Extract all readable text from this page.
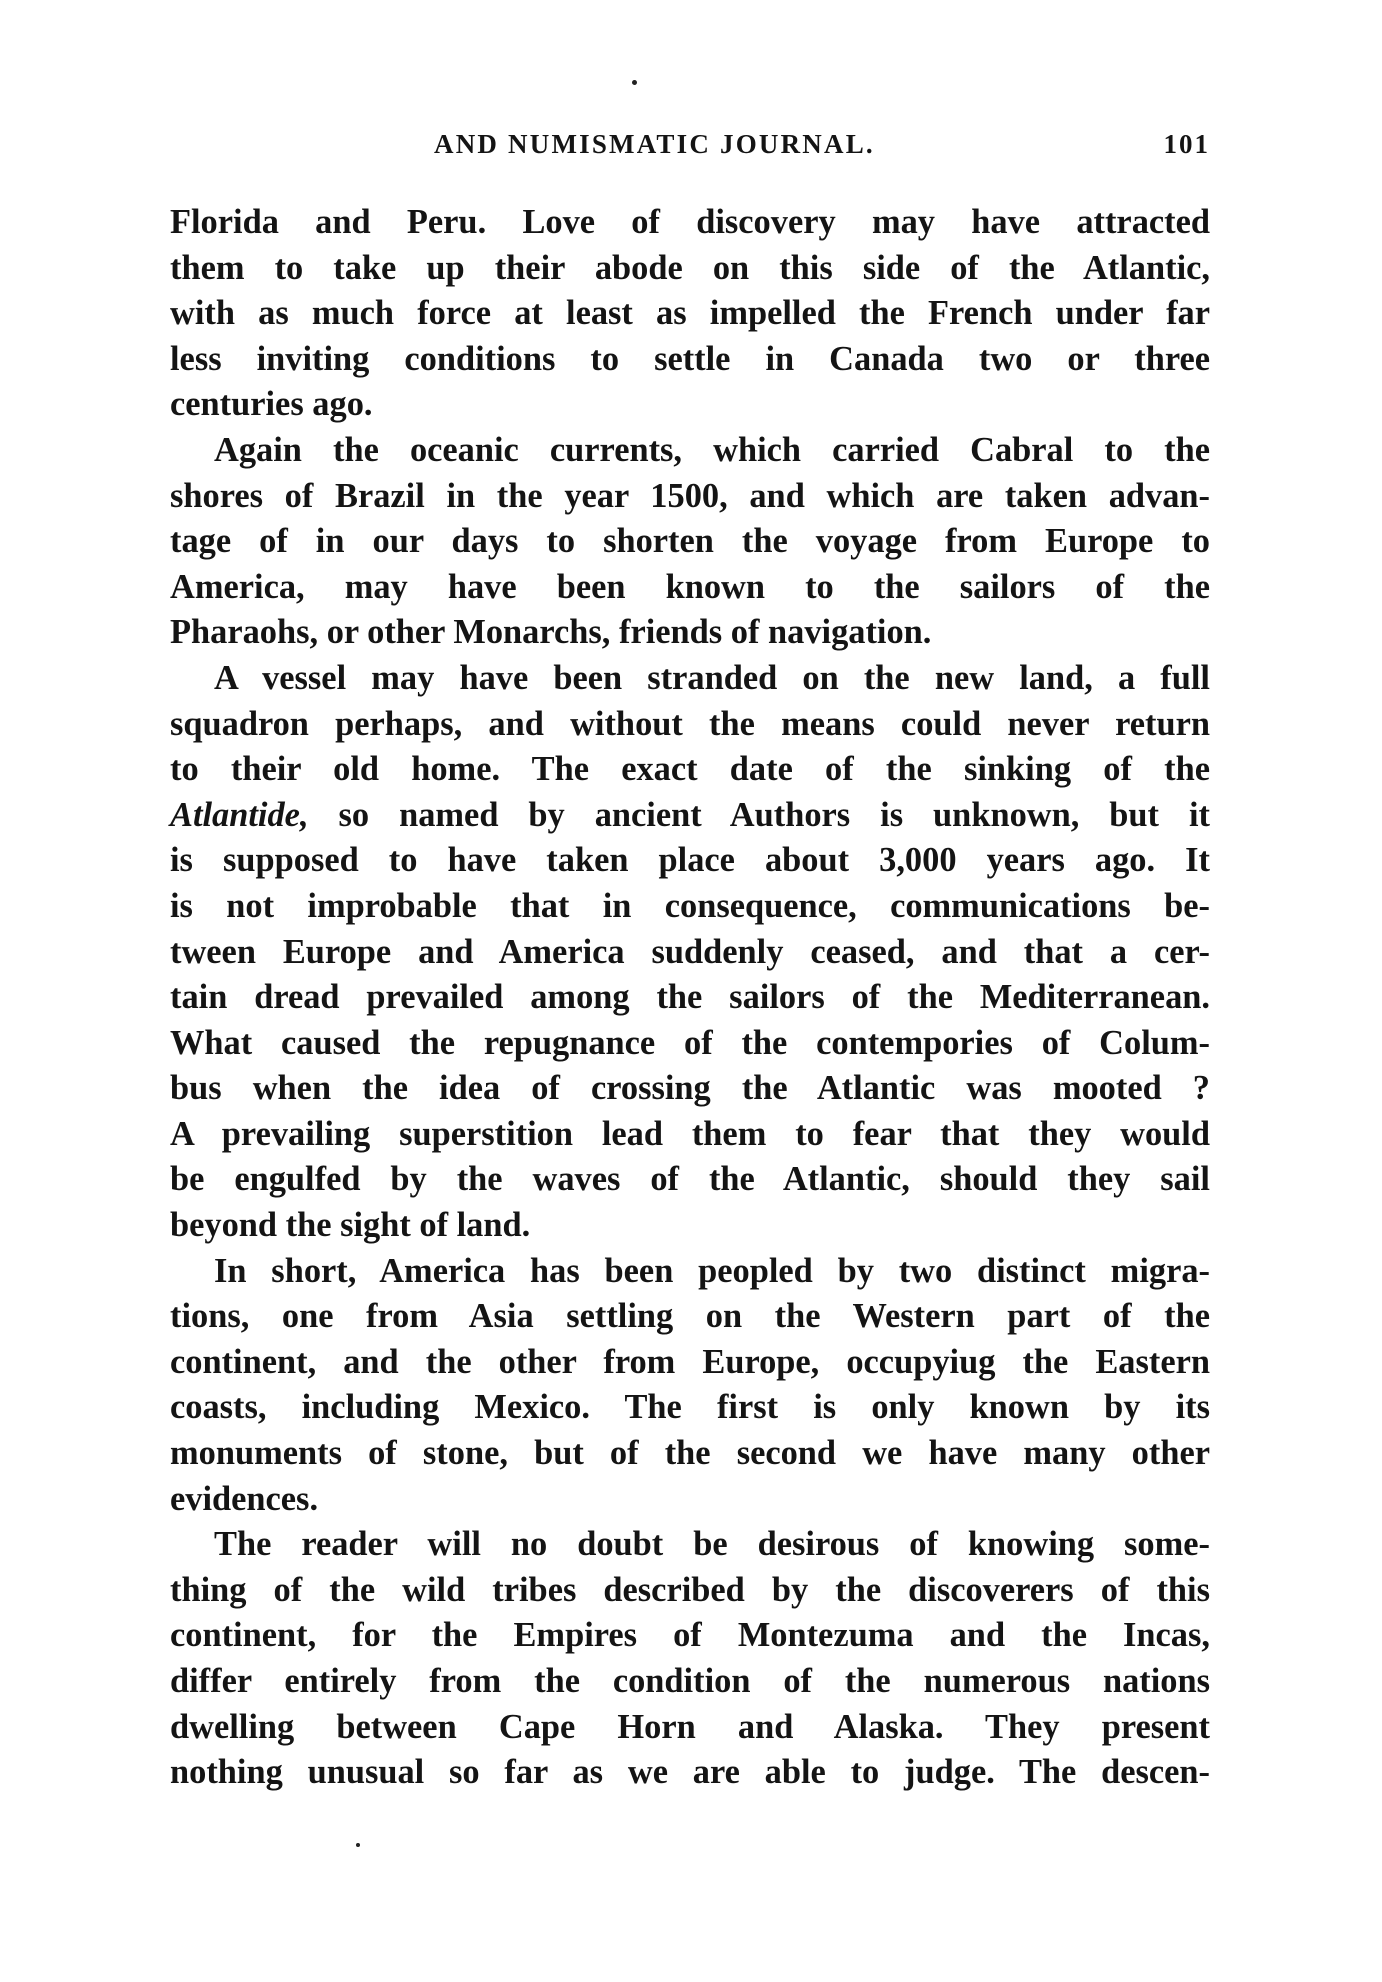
AND NUMISMATIC JOURNAL.	101

Florida and Peru. Love of discovery may have attracted
them to take up their abode on this side of the Atlantic,
with as much force at least as impelled the French under far
less inviting conditions to settle in Canada two or three
centuries ago.

Again the oceanic currents, which carried Cabral to the
shores of Brazil in the year 1500, and which are taken advan-
tage of in our days to shorten the voyage from Europe to
America, may have been known to the sailors of the
Pharaohs, or other Monarchs, friends of navigation.

A vessel may have been stranded on the new land, a full
squadron perhaps, and without the means could never return
to their old home. The exact date of the sinking of the
Atlantide, so named by ancient Authors is unknown, but it
is supposed to have taken place about 3,000 years ago. It
is not improbable that in consequence, communications be-
tween Europe and America suddenly ceased, and that a cer-
tain dread prevailed among the sailors of the Mediterranean.
What caused the repugnance of the contempories of Colum-
bus when the idea of crossing the Atlantic was mooted ?
A prevailing superstition lead them to fear that they would
be engulfed by the waves of the Atlantic, should they sail
beyond the sight of land.

In short, America has been peopled by two distinct migra-
tions, one from Asia settling on the Western part of the
continent, and the other from Europe, occupyiug the Eastern
coasts, including Mexico. The first is only known by its
monuments of stone, but of the second we have many other
evidences.

The reader will no doubt be desirous of knowing some-
thing of the wild tribes described by the discoverers of this
continent, for the Empires of Montezuma and the Incas,
differ entirely from the condition of the numerous nations
dwelling between Cape Horn and Alaska. They present
nothing unusual so far as we are able to judge. The descen-
